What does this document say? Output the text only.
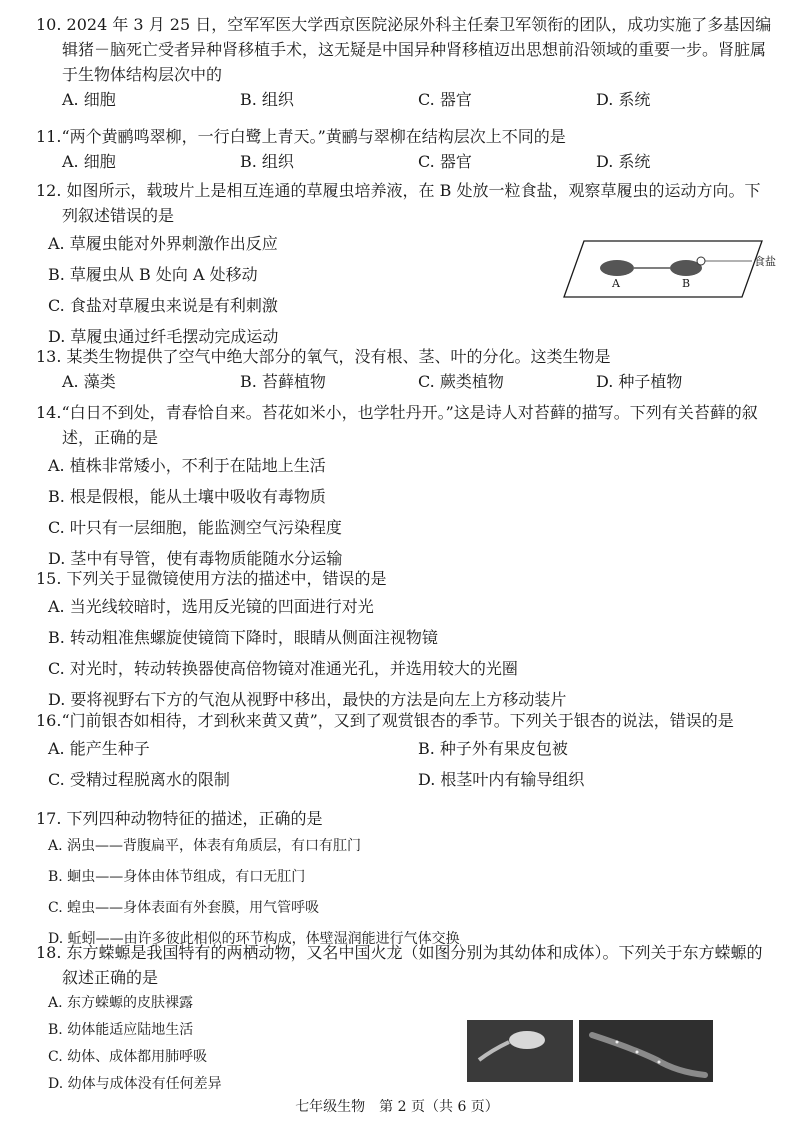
10. 2024 年 3 月 25 日，空军军医大学西京医院泌尿外科主任秦卫军领衔的团队，成功实施了多基因编辑猪－脑死亡受者异种肾移植手术，这无疑是中国异种肾移植迈出思想前沿领域的重要一步。肾脏属于生物体结构层次中的

A. 细胞	B. 组织	C. 器官	D. 系统

11.“两个黄鹂鸣翠柳，一行白鹭上青天。”黄鹂与翠柳在结构层次上不同的是

A. 细胞	B. 组织	C. 器官	D. 系统

12. 如图所示，载玻片上是相互连通的草履虫培养液，在 B 处放一粒食盐，观察草履虫的运动方向。下列叙述错误的是

A. 草履虫能对外界刺激作出反应
B. 草履虫从 B 处向 A 处移动
C. 食盐对草履虫来说是有利刺激
D. 草履虫通过纤毛摆动完成运动
食盐
A	B

13. 某类生物提供了空气中绝大部分的氧气，没有根、茎、叶的分化。这类生物是

A. 藻类	B. 苔藓植物	C. 蕨类植物	D. 种子植物

14.“白日不到处，青春恰自来。苔花如米小，也学牡丹开。”这是诗人对苔藓的描写。下列有关苔藓的叙述，正确的是

A. 植株非常矮小，不利于在陆地上生活
B. 根是假根，能从土壤中吸收有毒物质
C. 叶只有一层细胞，能监测空气污染程度
D. 茎中有导管，使有毒物质能随水分运输

15. 下列关于显微镜使用方法的描述中，错误的是

A. 当光线较暗时，选用反光镜的凹面进行对光
B. 转动粗准焦螺旋使镜筒下降时，眼睛从侧面注视物镜
C. 对光时，转动转换器使高倍物镜对准通光孔，并选用较大的光圈
D. 要将视野右下方的气泡从视野中移出，最快的方法是向左上方移动装片

16.“门前银杏如相待，才到秋来黄又黄”，又到了观赏银杏的季节。下列关于银杏的说法，错误的是

A. 能产生种子	B. 种子外有果皮包被
C. 受精过程脱离水的限制	D. 根茎叶内有输导组织

17. 下列四种动物特征的描述，正确的是

A. 涡虫——背腹扁平，体表有角质层，有口有肛门
B. 蛔虫——身体由体节组成，有口无肛门
C. 蝗虫——身体表面有外套膜，用气管呼吸
D. 蚯蚓——由许多彼此相似的环节构成，体壁湿润能进行气体交换

18. 东方蝾螈是我国特有的两栖动物，又名中国火龙（如图分别为其幼体和成体）。下列关于东方蝾螈的叙述正确的是

A. 东方蝾螈的皮肤裸露
B. 幼体能适应陆地生活
C. 幼体、成体都用肺呼吸
D. 幼体与成体没有任何差异
七年级生物　第 2 页（共 6 页）
